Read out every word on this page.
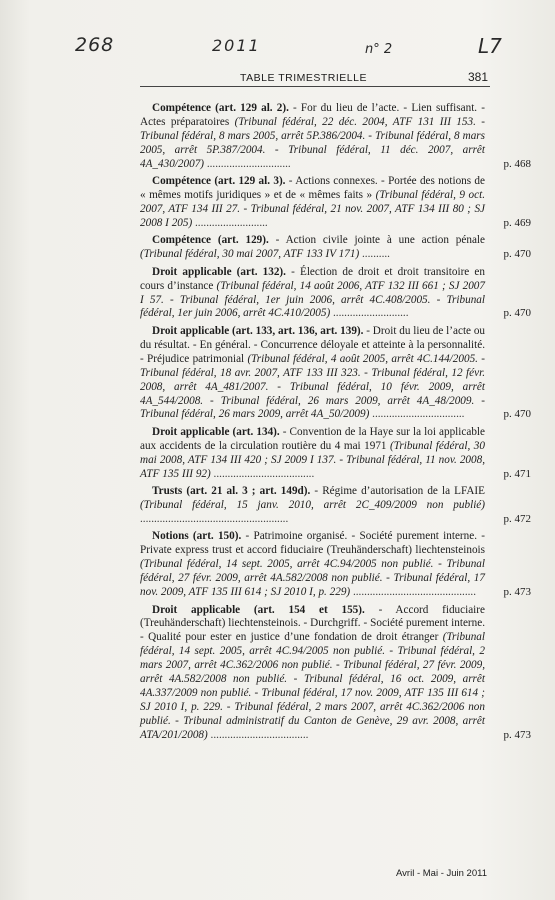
268	2011	n° 2	L7
TABLE TRIMESTRIELLE	381
Compétence (art. 129 al. 2). - For du lieu de l’acte. - Lien suffisant. - Actes préparatoires (Tribunal fédéral, 22 déc. 2004, ATF 131 III 153. - Tribunal fédéral, 8 mars 2005, arrêt 5P.386/2004. - Tribunal fédéral, 8 mars 2005, arrêt 5P.387/2004. - Tribunal fédéral, 11 déc. 2007, arrêt 4A_430/2007) ..............................	p. 468
Compétence (art. 129 al. 3). - Actions connexes. - Portée des notions de « mêmes motifs juridiques » et de « mêmes faits » (Tribunal fédéral, 9 oct. 2007, ATF 134 III 27. - Tribunal fédéral, 21 nov. 2007, ATF 134 III 80 ; SJ 2008 I 205) ..........................	p. 469
Compétence (art. 129). - Action civile jointe à une action pénale (Tribunal fédéral, 30 mai 2007, ATF 133 IV 171) ..........	p. 470
Droit applicable (art. 132). - Élection de droit et droit transitoire en cours d’instance (Tribunal fédéral, 14 août 2006, ATF 132 III 661 ; SJ 2007 I 57. - Tribunal fédéral, 1er juin 2006, arrêt 4C.408/2005. - Tribunal fédéral, 1er juin 2006, arrêt 4C.410/2005) ...........................	p. 470
Droit applicable (art. 133, art. 136, art. 139). - Droit du lieu de l’acte ou du résultat. - En général. - Concurrence déloyale et atteinte à la personnalité. - Préjudice patrimonial (Tribunal fédéral, 4 août 2005, arrêt 4C.144/2005. - Tribunal fédéral, 18 avr. 2007, ATF 133 III 323. - Tribunal fédéral, 12 févr. 2008, arrêt 4A_481/2007. - Tribunal fédéral, 10 févr. 2009, arrêt 4A_544/2008. - Tribunal fédéral, 26 mars 2009, arrêt 4A_48/2009. - Tribunal fédéral, 26 mars 2009, arrêt 4A_50/2009) .................................	p. 470
Droit applicable (art. 134). - Convention de la Haye sur la loi applicable aux accidents de la circulation routière du 4 mai 1971 (Tribunal fédéral, 30 mai 2008, ATF 134 III 420 ; SJ 2009 I 137. - Tribunal fédéral, 11 nov. 2008, ATF 135 III 92) ....................................	p. 471
Trusts (art. 21 al. 3 ; art. 149d). - Régime d’autorisation de la LFAIE (Tribunal fédéral, 15 janv. 2010, arrêt 2C_409/2009 non publié) .....................................................	p. 472
Notions (art. 150). - Patrimoine organisé. - Société purement interne. - Private express trust et accord fiduciaire (Treuhänderschaft) liechtensteinois (Tribunal fédéral, 14 sept. 2005, arrêt 4C.94/2005 non publié. - Tribunal fédéral, 27 févr. 2009, arrêt 4A.582/2008 non publié. - Tribunal fédéral, 17 nov. 2009, ATF 135 III 614 ; SJ 2010 I, p. 229) ............................................	p. 473
Droit applicable (art. 154 et 155). - Accord fiduciaire (Treuhänderschaft) liechtensteinois. - Durchgriff. - Société purement interne. - Qualité pour ester en justice d’une fondation de droit étranger (Tribunal fédéral, 14 sept. 2005, arrêt 4C.94/2005 non publié. - Tribunal fédéral, 2 mars 2007, arrêt 4C.362/2006 non publié. - Tribunal fédéral, 27 févr. 2009, arrêt 4A.582/2008 non publié. - Tribunal fédéral, 16 oct. 2009, arrêt 4A.337/2009 non publié. - Tribunal fédéral, 17 nov. 2009, ATF 135 III 614 ; SJ 2010 I, p. 229. - Tribunal fédéral, 2 mars 2007, arrêt 4C.362/2006 non publié. - Tribunal administratif du Canton de Genève, 29 avr. 2008, arrêt ATA/201/2008) ...................................	p. 473
Avril - Mai - Juin 2011
